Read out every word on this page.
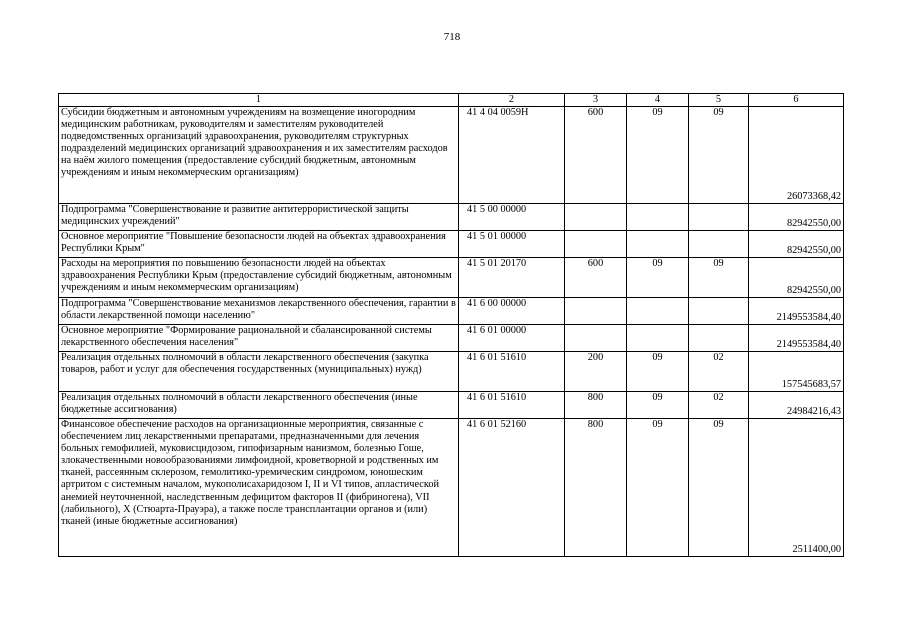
718
1	2	3	4	5	6
Субсидии бюджетным и автономным учреждениям на возмещение иногородним медицинским работникам, руководителям и заместителям руководителей подведомственных организаций здравоохранения, руководителям структурных подразделений медицинских организаций здравоохранения и их заместителям расходов на наём жилого помещения (предоставление субсидий бюджетным, автономным учреждениям и иным некоммерческим организациям)	41 4 04 0059Н	600	09	09	26073368,42
Подпрограмма "Совершенствование и развитие антитеррористической защиты медицинских учреждений"	41 5 00 00000				82942550,00
Основное мероприятие "Повышение безопасности людей на объектах здравоохранения Республики Крым"	41 5 01 00000				82942550,00
Расходы на мероприятия по повышению безопасности людей на объектах здравоохранения Республики Крым (предоставление субсидий бюджетным, автономным учреждениям и иным некоммерческим организациям)	41 5 01 20170	600	09	09	82942550,00
Подпрограмма "Совершенствование механизмов лекарственного обеспечения, гарантии в области лекарственной помощи населению"	41 6 00 00000				2149553584,40
Основное мероприятие "Формирование рациональной и сбалансированной системы лекарственного обеспечения населения"	41 6 01 00000				2149553584,40
Реализация отдельных полномочий в области лекарственного обеспечения (закупка товаров, работ и услуг для обеспечения государственных (муниципальных) нужд)	41 6 01 51610	200	09	02	157545683,57
Реализация отдельных полномочий в области лекарственного обеспечения (иные бюджетные ассигнования)	41 6 01 51610	800	09	02	24984216,43
Финансовое обеспечение расходов на организационные мероприятия, связанные с обеспечением лиц лекарственными препаратами, предназначенными для лечения больных гемофилией, муковисцидозом, гипофизарным нанизмом, болезнью Гоше, злокачественными новообразованиями лимфоидной, кроветворной и родственных им тканей, рассеянным склерозом, гемолитико-уремическим синдромом, юношеским артритом с системным началом, мукополисахаридозом I, II и VI типов, апластической анемией неуточненной, наследственным дефицитом факторов II (фибриногена), VII (лабильного), X (Стюарта-Прауэра), а также после трансплантации органов и (или) тканей (иные бюджетные ассигнования)	41 6 01 52160	800	09	09	2511400,00
